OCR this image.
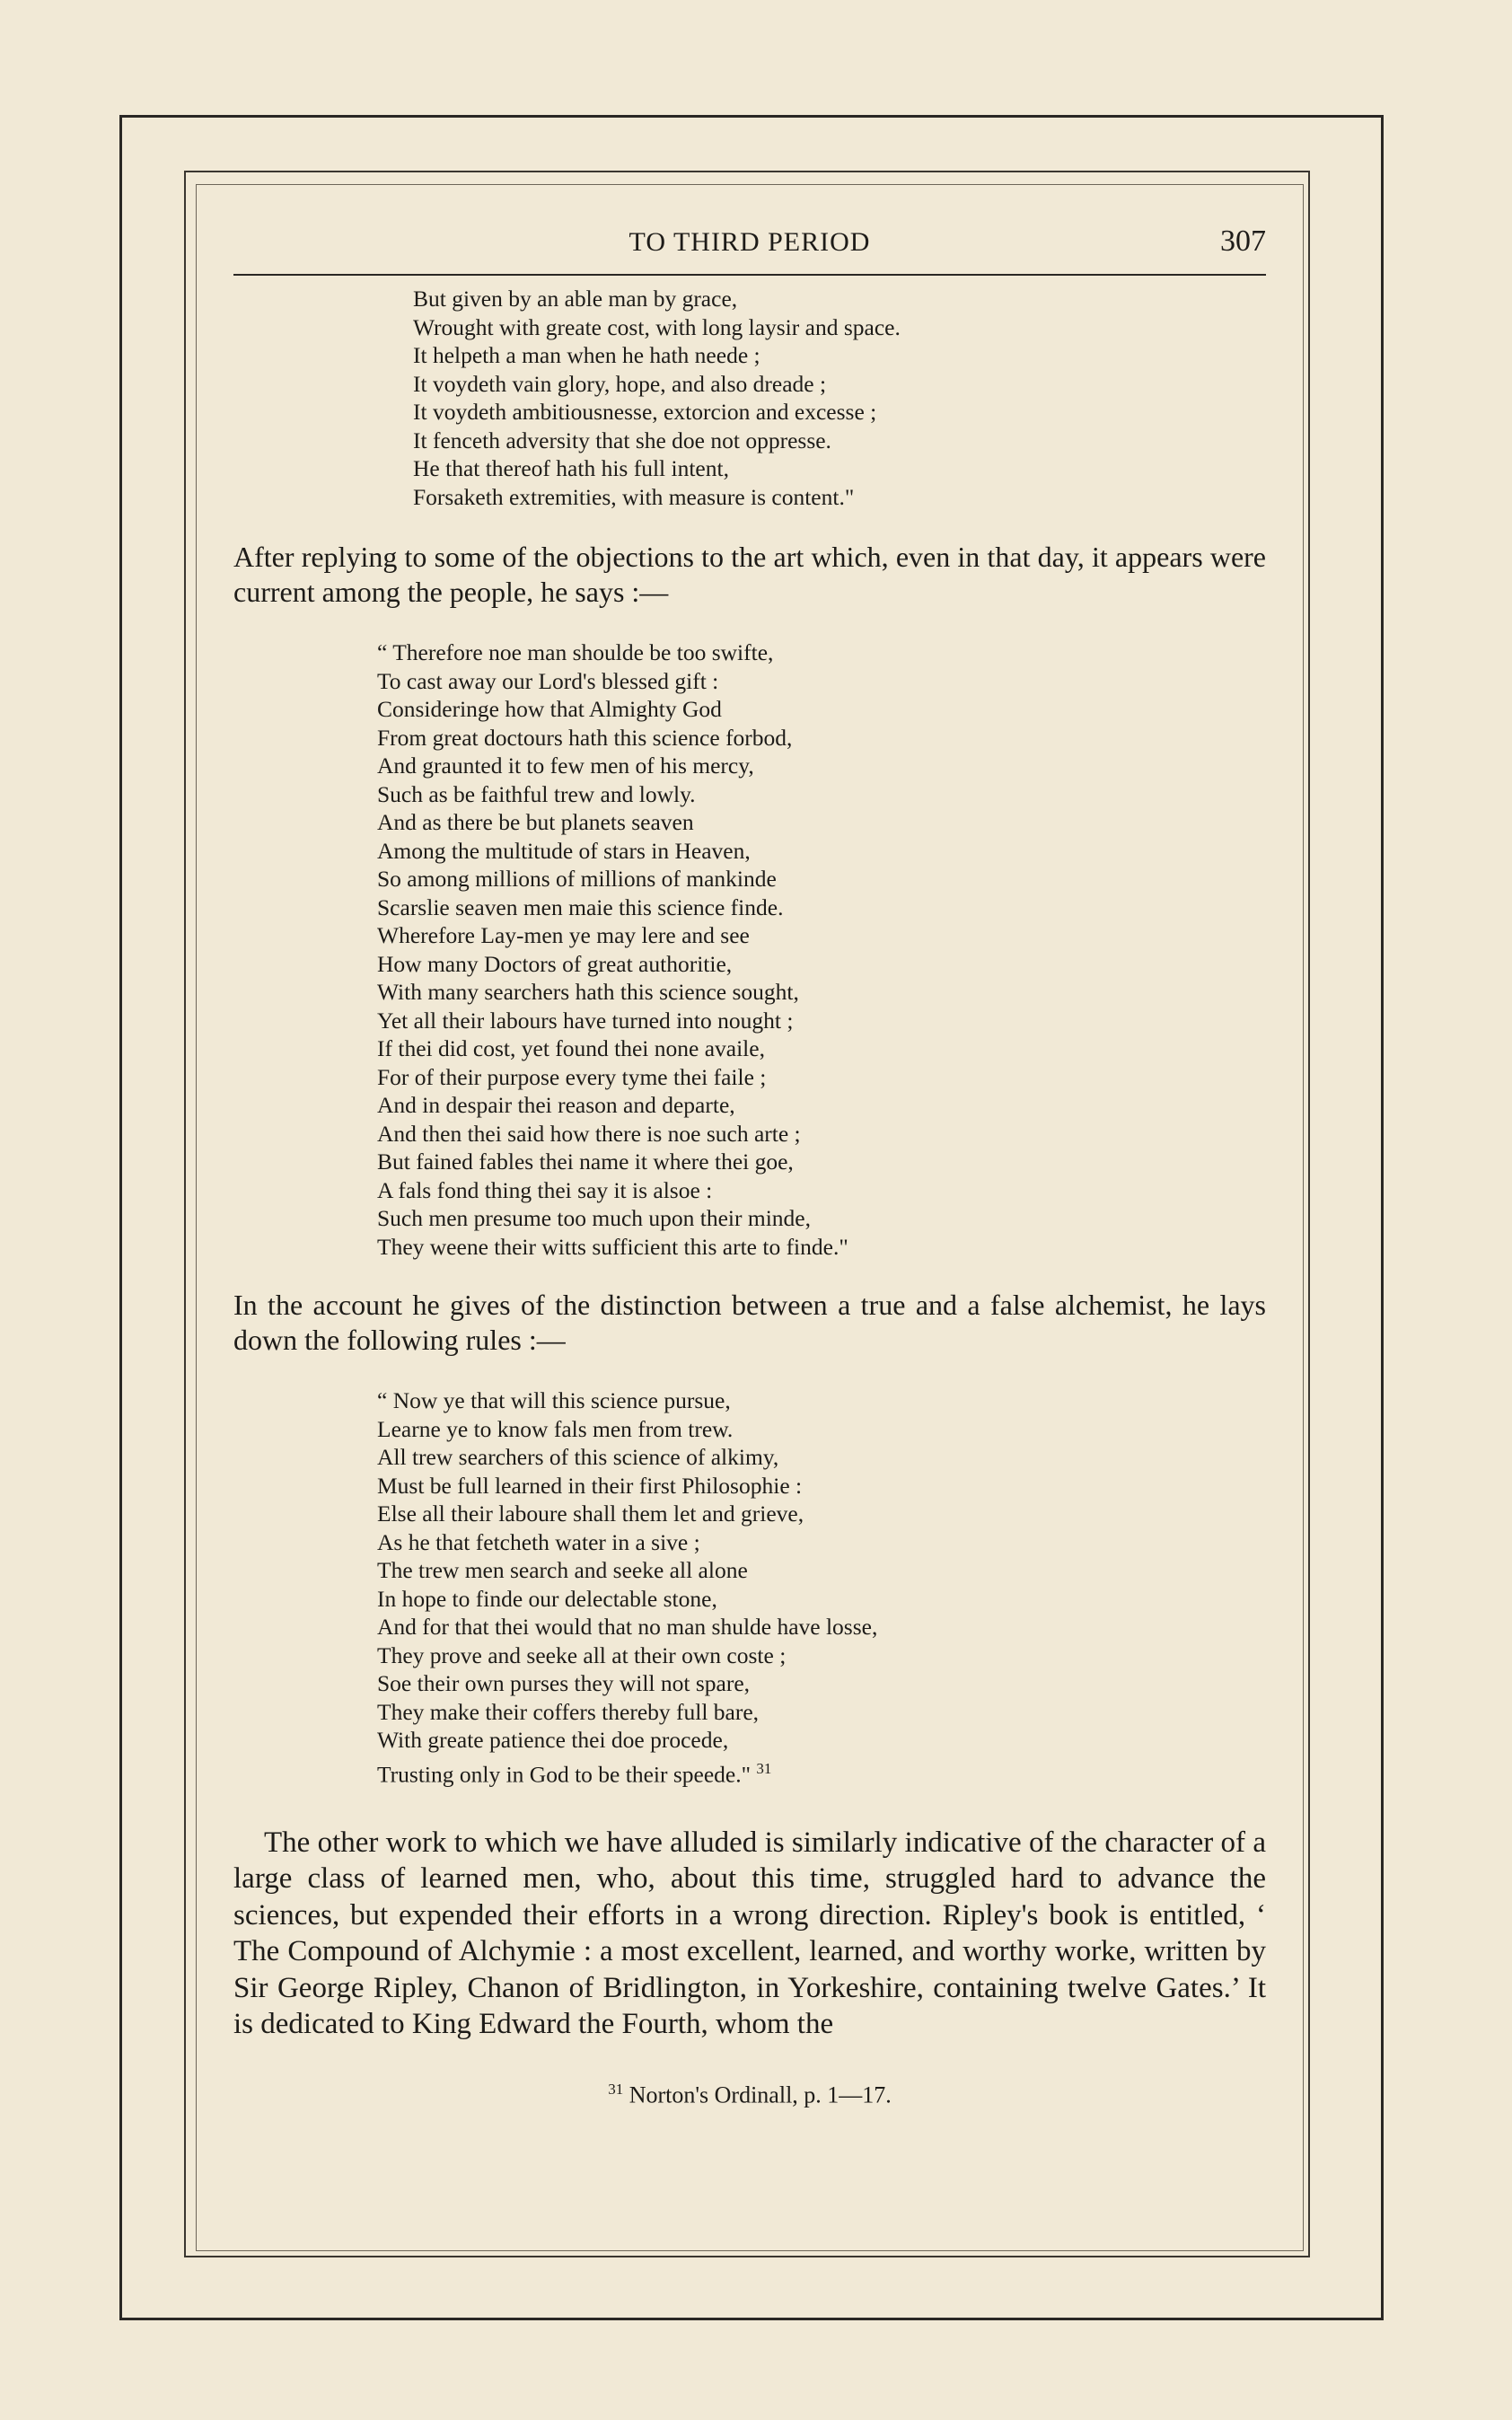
TO THIRD PERIOD	307
But given by an able man by grace,
Wrought with greate cost, with long laysir and space.
It helpeth a man when he hath neede ;
It voydeth vain glory, hope, and also dreade ;
It voydeth ambitiousnesse, extorcion and excesse ;
It fenceth adversity that she doe not oppresse.
He that thereof hath his full intent,
Forsaketh extremities, with measure is content."

After replying to some of the objections to the art which, even in that day, it appears were current among the people, he says :—

“ Therefore noe man shoulde be too swifte,
To cast away our Lord's blessed gift :
Consideringe how that Almighty God
From great doctours hath this science forbod,
And graunted it to few men of his mercy,
Such as be faithful trew and lowly.
And as there be but planets seaven
Among the multitude of stars in Heaven,
So among millions of millions of mankinde
Scarslie seaven men maie this science finde.
Wherefore Lay-men ye may lere and see
How many Doctors of great authoritie,
With many searchers hath this science sought,
Yet all their labours have turned into nought ;
If thei did cost, yet found thei none availe,
For of their purpose every tyme thei faile ;
And in despair thei reason and departe,
And then thei said how there is noe such arte ;
But fained fables thei name it where thei goe,
A fals fond thing thei say it is alsoe :
Such men presume too much upon their minde,
They weene their witts sufficient this arte to finde."

In the account he gives of the distinction between a true and a false alchemist, he lays down the following rules :—

“ Now ye that will this science pursue,
Learne ye to know fals men from trew.
All trew searchers of this science of alkimy,
Must be full learned in their first Philosophie :
Else all their laboure shall them let and grieve,
As he that fetcheth water in a sive ;
The trew men search and seeke all alone
In hope to finde our delectable stone,
And for that thei would that no man shulde have losse,
They prove and seeke all at their own coste ;
Soe their own purses they will not spare,
They make their coffers thereby full bare,
With greate patience thei doe procede,
Trusting only in God to be their speede." $^{31}$

The other work to which we have alluded is similarly indicative of the character of a large class of learned men, who, about this time, struggled hard to advance the sciences, but expended their efforts in a wrong direction. Ripley's book is entitled, ‘ The Compound of Alchymie : a most excellent, learned, and worthy worke, written by Sir George Ripley, Chanon of Bridlington, in Yorkeshire, containing twelve Gates.’ It is dedicated to King Edward the Fourth, whom the

$^{31}$ Norton's Ordinall, p. 1—17.
